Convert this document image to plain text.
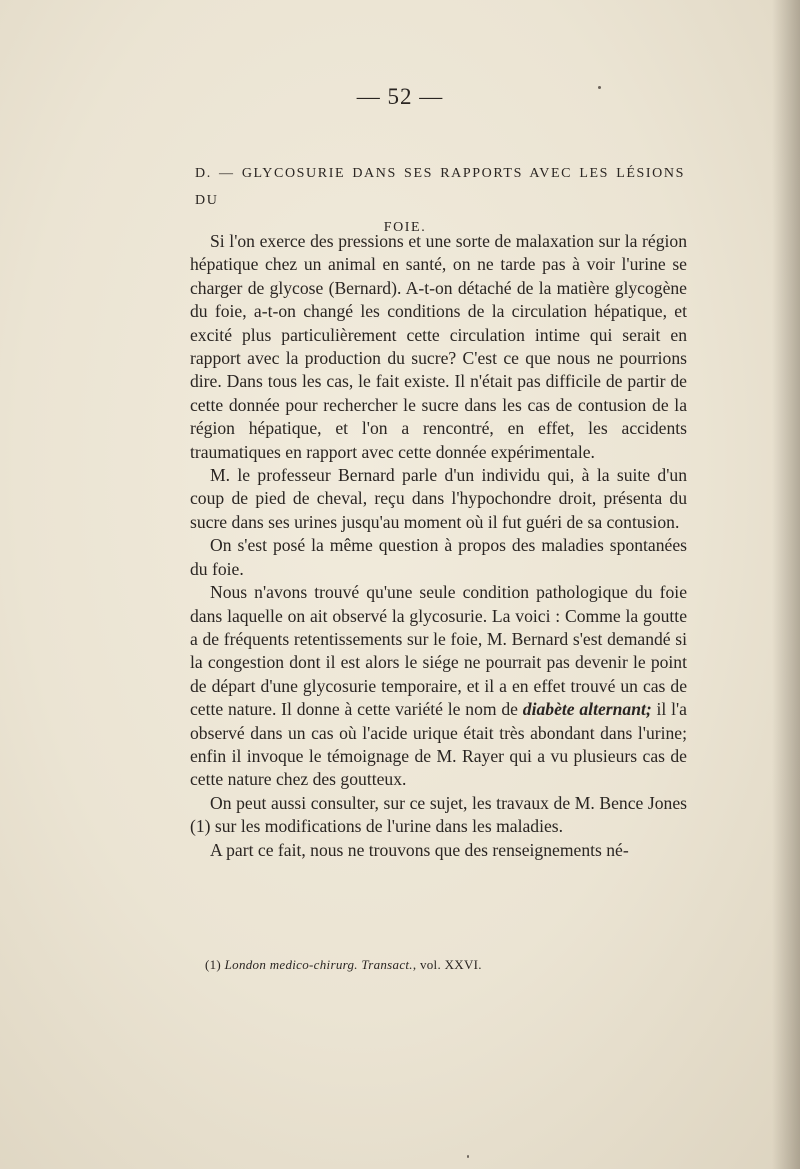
— 52 —
D. — GLYCOSURIE DANS SES RAPPORTS AVEC LES LÉSIONS DU
FOIE.

Si l'on exerce des pressions et une sorte de malaxation sur la région hépatique chez un animal en santé, on ne tarde pas à voir l'urine se charger de glycose (Bernard). A-t-on détaché de la matière glycogène du foie, a-t-on changé les conditions de la circulation hépatique, et excité plus particulièrement cette circulation intime qui serait en rapport avec la production du sucre? C'est ce que nous ne pourrions dire. Dans tous les cas, le fait existe. Il n'était pas difficile de partir de cette donnée pour rechercher le sucre dans les cas de contusion de la région hépatique, et l'on a rencontré, en effet, les accidents traumatiques en rapport avec cette donnée expérimentale.

M. le professeur Bernard parle d'un individu qui, à la suite d'un coup de pied de cheval, reçu dans l'hypochondre droit, présenta du sucre dans ses urines jusqu'au moment où il fut guéri de sa contusion.

On s'est posé la même question à propos des maladies spontanées du foie.

Nous n'avons trouvé qu'une seule condition pathologique du foie dans laquelle on ait observé la glycosurie. La voici : Comme la goutte a de fréquents retentissements sur le foie, M. Bernard s'est demandé si la congestion dont il est alors le siége ne pourrait pas devenir le point de départ d'une glycosurie temporaire, et il a en effet trouvé un cas de cette nature. Il donne à cette variété le nom de diabète alternant; il l'a observé dans un cas où l'acide urique était très abondant dans l'urine; enfin il invoque le témoignage de M. Rayer qui a vu plusieurs cas de cette nature chez des goutteux.

On peut aussi consulter, sur ce sujet, les travaux de M. Bence Jones (1) sur les modifications de l'urine dans les maladies.

A part ce fait, nous ne trouvons que des renseignements né-

(1) London medico-chirurg. Transact., vol. XXVI.
